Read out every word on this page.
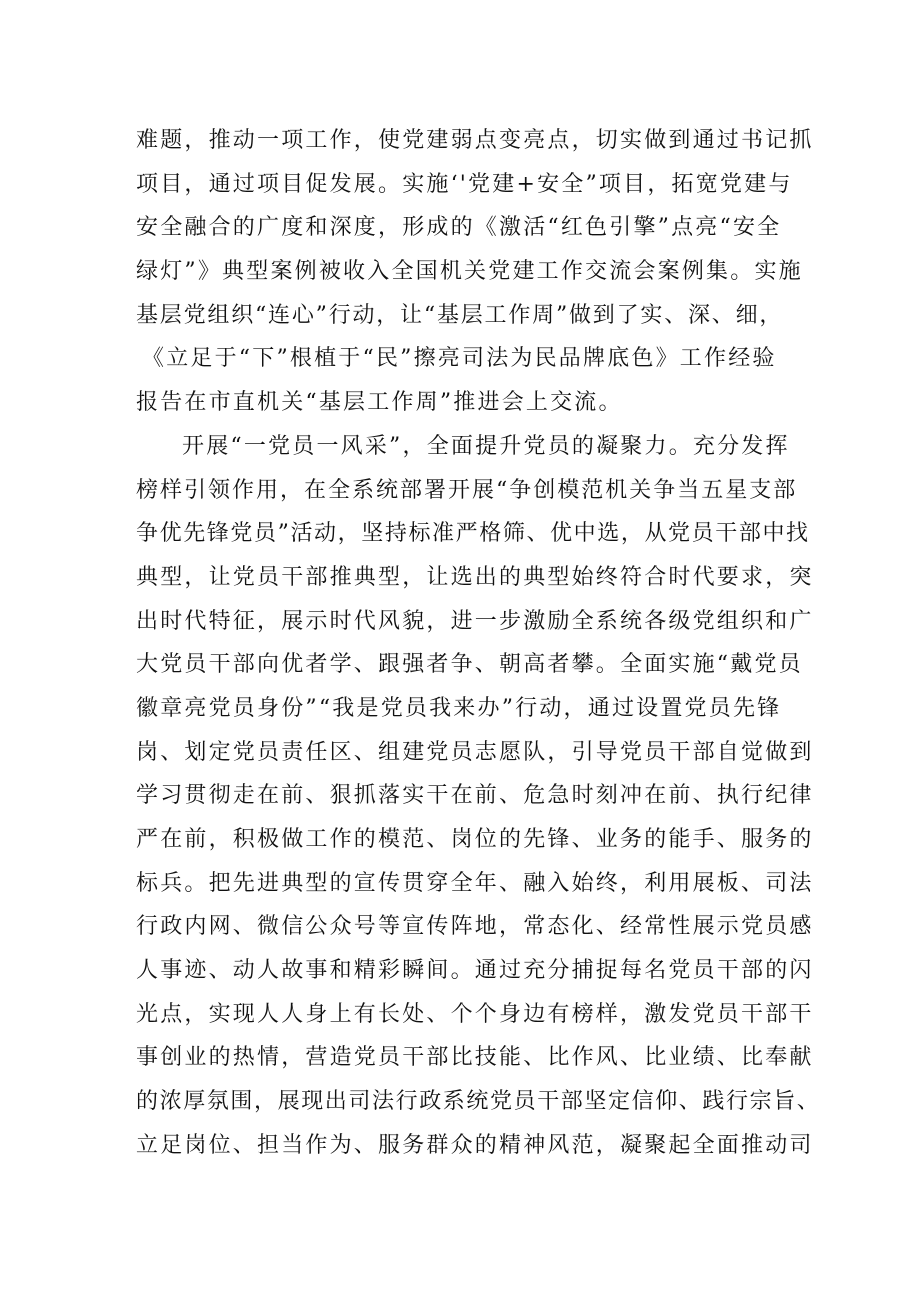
难题，推动一项工作，使党建弱点变亮点，切实做到通过书记抓
项目，通过项目促发展。实施‘'党建+安全”项目，拓宽党建与
安全融合的广度和深度，形成的《激活“红色引擎”点亮“安全
绿灯”》典型案例被收入全国机关党建工作交流会案例集。实施
基层党组织“连心”行动，让“基层工作周”做到了实、深、细，
《立足于“下”根植于“民”擦亮司法为民品牌底色》工作经验
报告在市直机关“基层工作周”推进会上交流。
开展“一党员一风采”，全面提升党员的凝聚力。充分发挥
榜样引领作用，在全系统部署开展“争创模范机关争当五星支部
争优先锋党员”活动，坚持标准严格筛、优中选，从党员干部中找
典型，让党员干部推典型，让选出的典型始终符合时代要求，突
出时代特征，展示时代风貌，进一步激励全系统各级党组织和广
大党员干部向优者学、跟强者争、朝高者攀。全面实施“戴党员
徽章亮党员身份”“我是党员我来办”行动，通过设置党员先锋
岗、划定党员责任区、组建党员志愿队，引导党员干部自觉做到
学习贯彻走在前、狠抓落实干在前、危急时刻冲在前、执行纪律
严在前，积极做工作的模范、岗位的先锋、业务的能手、服务的
标兵。把先进典型的宣传贯穿全年、融入始终，利用展板、司法
行政内网、微信公众号等宣传阵地，常态化、经常性展示党员感
人事迹、动人故事和精彩瞬间。通过充分捕捉每名党员干部的闪
光点，实现人人身上有长处、个个身边有榜样，激发党员干部干
事创业的热情，营造党员干部比技能、比作风、比业绩、比奉献
的浓厚氛围，展现出司法行政系统党员干部坚定信仰、践行宗旨、
立足岗位、担当作为、服务群众的精神风范，凝聚起全面推动司
